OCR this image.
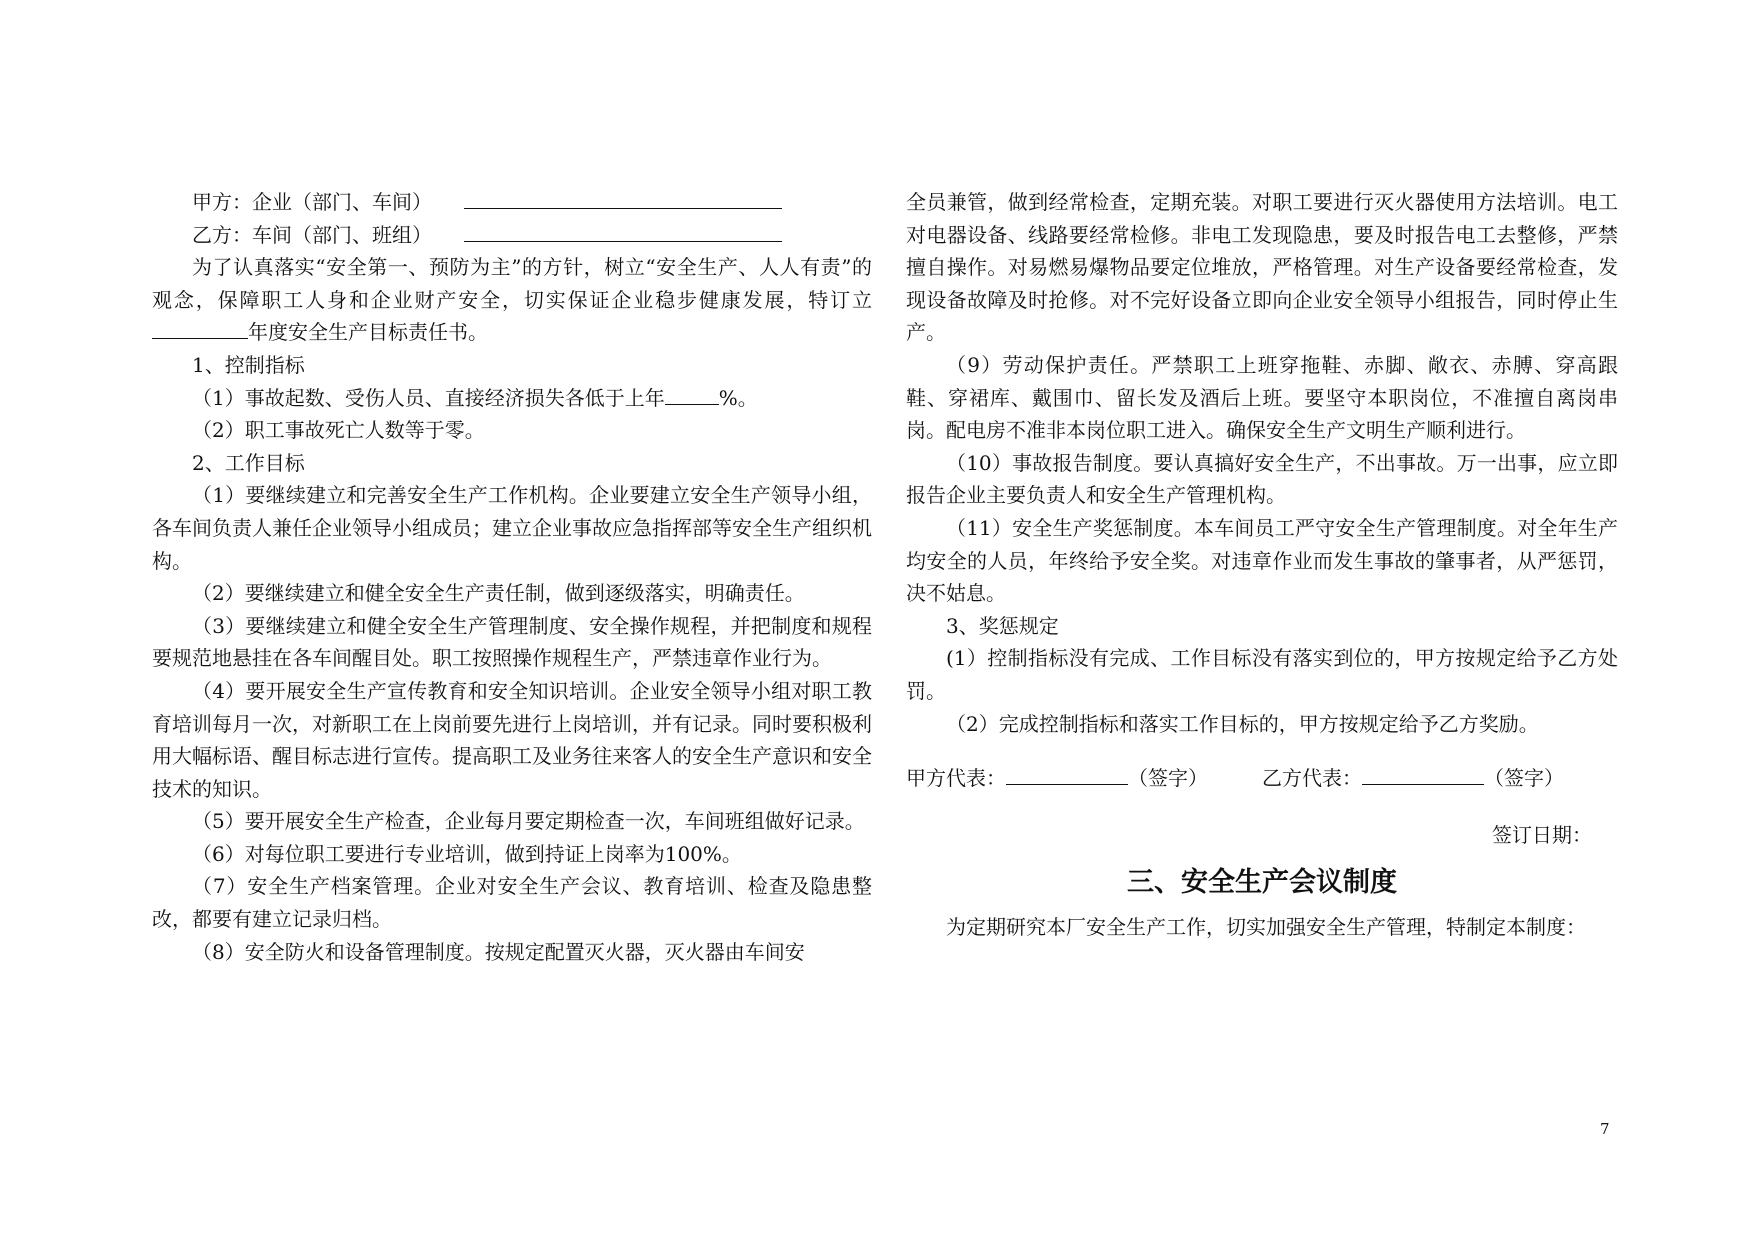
甲方：企业（部门、车间）

乙方：车间（部门、班组）

为了认真落实“安全第一、预防为主”的方针，树立“安全生产、人人有责”的观念，保障职工人身和企业财产安全，切实保证企业稳步健康发展，特订立年度安全生产目标责任书。

1、控制指标

（1）事故起数、受伤人员、直接经济损失各低于上年	%。

（2）职工事故死亡人数等于零。

2、工作目标

（1）要继续建立和完善安全生产工作机构。企业要建立安全生产领导小组，各车间负责人兼任企业领导小组成员；建立企业事故应急指挥部等安全生产组织机构。

（2）要继续建立和健全安全生产责任制，做到逐级落实，明确责任。

（3）要继续建立和健全安全生产管理制度、安全操作规程，并把制度和规程要规范地悬挂在各车间醒目处。职工按照操作规程生产，严禁违章作业行为。

（4）要开展安全生产宣传教育和安全知识培训。企业安全领导小组对职工教育培训每月一次，对新职工在上岗前要先进行上岗培训，并有记录。同时要积极利用大幅标语、醒目标志进行宣传。提高职工及业务往来客人的安全生产意识和安全技术的知识。

（5）要开展安全生产检查，企业每月要定期检查一次，车间班组做好记录。

（6）对每位职工要进行专业培训，做到持证上岗率为100%。

（7）安全生产档案管理。企业对安全生产会议、教育培训、检查及隐患整改，都要有建立记录归档。

（8）安全防火和设备管理制度。按规定配置灭火器，灭火器由车间安

全员兼管，做到经常检查，定期充装。对职工要进行灭火器使用方法培训。电工对电器设备、线路要经常检修。非电工发现隐患，要及时报告电工去整修，严禁擅自操作。对易燃易爆物品要定位堆放，严格管理。对生产设备要经常检查，发现设备故障及时抢修。对不完好设备立即向企业安全领导小组报告，同时停止生产。

（9）劳动保护责任。严禁职工上班穿拖鞋、赤脚、敞衣、赤膊、穿高跟鞋、穿裙库、戴围巾、留长发及酒后上班。要坚守本职岗位，不准擅自离岗串岗。配电房不准非本岗位职工进入。确保安全生产文明生产顺利进行。

（10）事故报告制度。要认真搞好安全生产，不出事故。万一出事，应立即报告企业主要负责人和安全生产管理机构。

（11）安全生产奖惩制度。本车间员工严守安全生产管理制度。对全年生产均安全的人员，年终给予安全奖。对违章作业而发生事故的肇事者，从严惩罚，决不姑息。

3、奖惩规定

(1）控制指标没有完成、工作目标没有落实到位的，甲方按规定给予乙方处罚。

（2）完成控制指标和落实工作目标的，甲方按规定给予乙方奖励。

甲方代表：	（签字）	乙方代表：	（签字）

签订日期：

三、安全生产会议制度

为定期研究本厂安全生产工作，切实加强安全生产管理，特制定本制度：

7
